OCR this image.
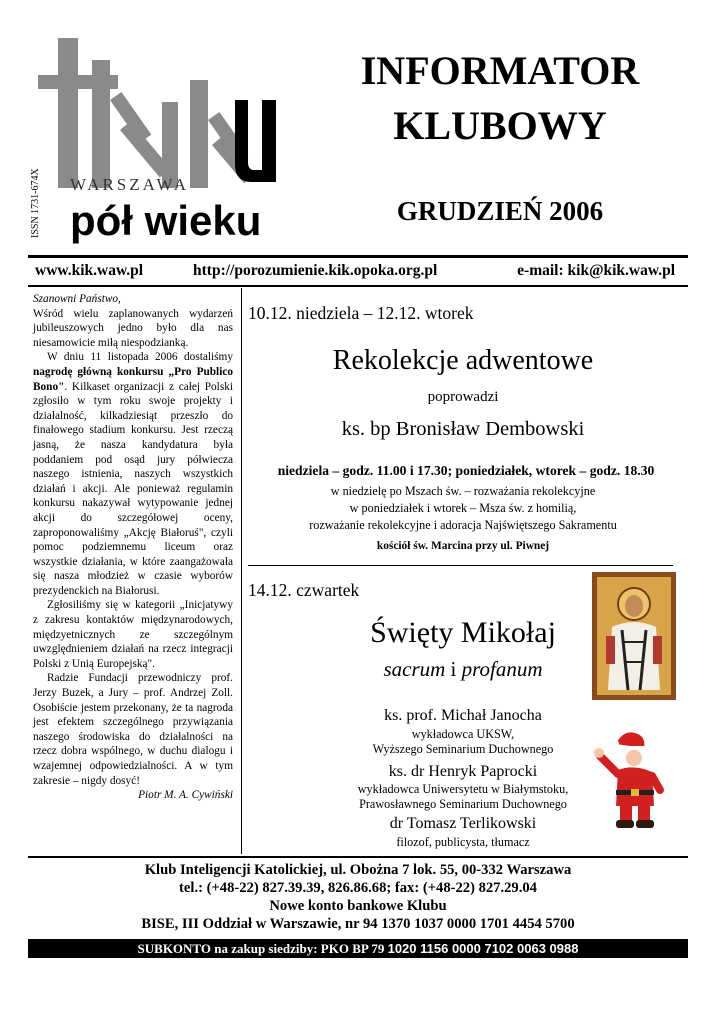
WARSZAWA
pół wieku
ISSN 1731-674X
INFORMATOR
KLUBOWY
GRUDZIEŃ 2006
www.kik.waw.pl	http://porozumienie.kik.opoka.org.pl	e-mail: kik@kik.waw.pl

Szanowni Państwo,

Wśród wielu zaplanowanych wydarzeń jubileuszowych jedno było dla nas niesamowicie miłą niespodzianką.

W dniu 11 listopada 2006 dostaliśmy nagrodę główną konkursu „Pro Publico Bono". Kilkaset organizacji z całej Polski zgłosiło w tym roku swoje projekty i działalność, kilkadziesiąt przeszło do finałowego stadium konkursu. Jest rzeczą jasną, że nasza kandydatura była poddaniem pod osąd jury półwiecza naszego istnienia, naszych wszystkich działań i akcji. Ale ponieważ regulamin konkursu nakazywał wytypowanie jednej akcji do szczegółowej oceny, zaproponowaliśmy „Akcję Białoruś", czyli pomoc podziemnemu liceum oraz wszystkie działania, w które zaangażowała się nasza młodzież w czasie wyborów prezydenckich na Białorusi.

Zgłosiliśmy się w kategorii „Inicjatywy z zakresu kontaktów międzynarodowych, międzyetnicznych ze szczególnym uwzględnieniem działań na rzecz integracji Polski z Unią Europejską".

Radzie Fundacji przewodniczy prof. Jerzy Buzek, a Jury – prof. Andrzej Zoll. Osobiście jestem przekonany, że ta nagroda jest efektem szczególnego przywiązania naszego środowiska do działalności na rzecz dobra wspólnego, w duchu dialogu i wzajemnej odpowiedzialności. A w tym zakresie – nigdy dosyć!

Piotr M. A. Cywiński

10.12. niedziela – 12.12. wtorek
Rekolekcje adwentowe
poprowadzi
ks. bp Bronisław Dembowski
niedziela – godz. 11.00 i 17.30; poniedziałek, wtorek – godz. 18.30
w niedzielę po Mszach św. – rozważania rekolekcyjne
w poniedziałek i wtorek – Msza św. z homilią,
rozważanie rekolekcyjne i adoracja Najświętszego Sakramentu
kościół św. Marcina przy ul. Piwnej
14.12. czwartek
Święty Mikołaj
sacrum i profanum
ks. prof. Michał Janocha
wykładowca UKSW,
Wyższego Seminarium Duchownego
ks. dr Henryk Paprocki
wykładowca Uniwersytetu w Białymstoku,
Prawosławnego Seminarium Duchownego
dr Tomasz Terlikowski
filozof, publicysta, tłumacz
Klub Inteligencji Katolickiej, ul. Obożna 7 lok. 55, 00-332 Warszawa
tel.: (+48-22) 827.39.39, 826.86.68; fax: (+48-22) 827.29.04
Nowe konto bankowe Klubu
BISE, III Oddział w Warszawie, nr 94 1370 1037 0000 1701 4454 5700
SUBKONTO na zakup siedziby: PKO BP 79 1020 1156 0000 7102 0063 0988
